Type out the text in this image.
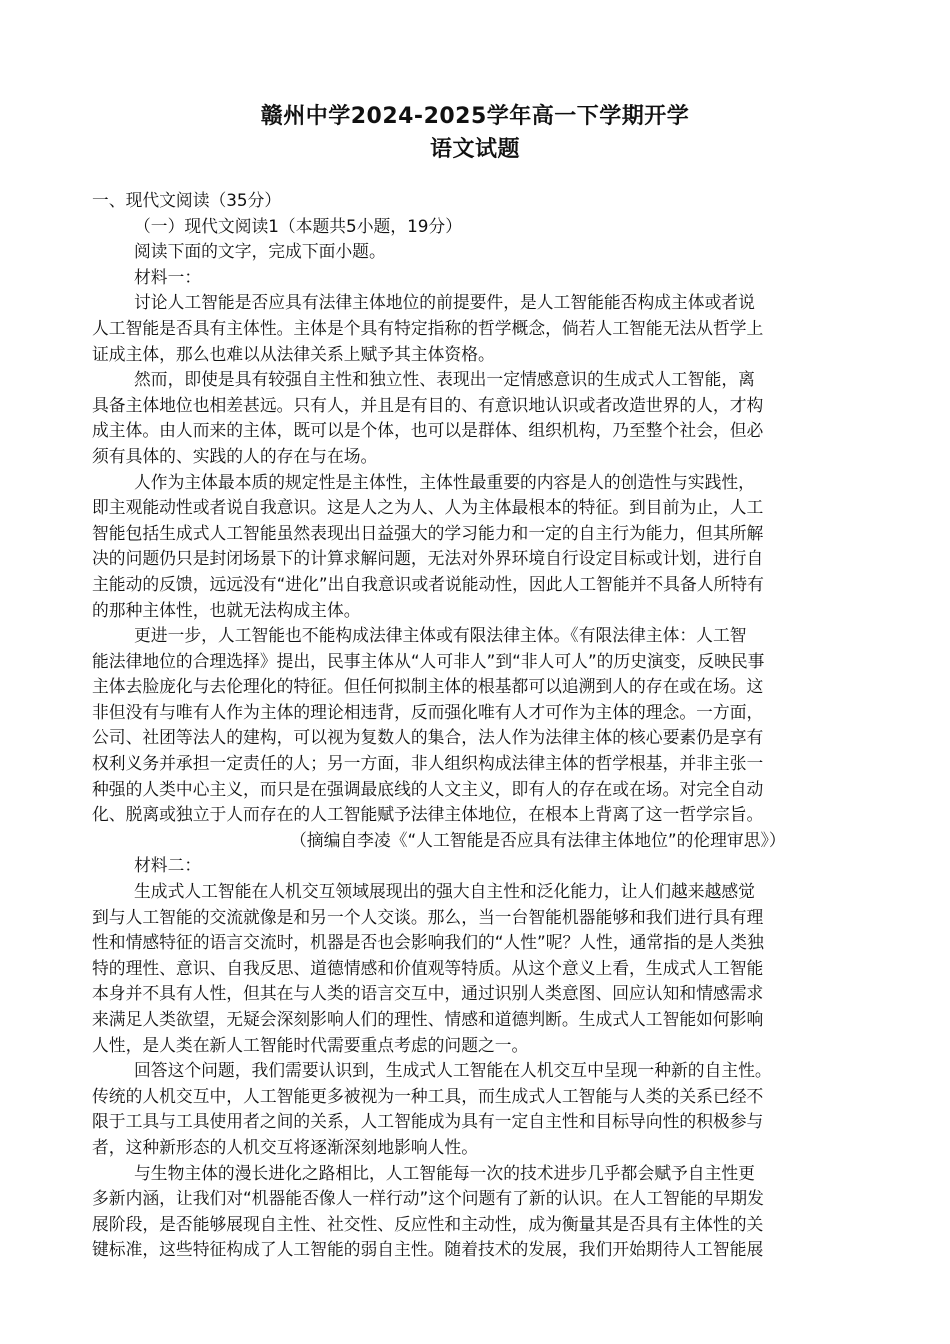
赣州中学2024-2025学年高一下学期开学
语文试题
一、现代文阅读（35分）
（一）现代文阅读1（本题共5小题，19分）
阅读下面的文字，完成下面小题。
材料一：
讨论人工智能是否应具有法律主体地位的前提要件，是人工智能能否构成主体或者说
人工智能是否具有主体性。主体是个具有特定指称的哲学概念，倘若人工智能无法从哲学上
证成主体，那么也难以从法律关系上赋予其主体资格。
然而，即使是具有较强自主性和独立性、表现出一定情感意识的生成式人工智能，离
具备主体地位也相差甚远。只有人，并且是有目的、有意识地认识或者改造世界的人，才构
成主体。由人而来的主体，既可以是个体，也可以是群体、组织机构，乃至整个社会，但必
须有具体的、实践的人的存在与在场。
人作为主体最本质的规定性是主体性，主体性最重要的内容是人的创造性与实践性，
即主观能动性或者说自我意识。这是人之为人、人为主体最根本的特征。到目前为止，人工
智能包括生成式人工智能虽然表现出日益强大的学习能力和一定的自主行为能力，但其所解
决的问题仍只是封闭场景下的计算求解问题，无法对外界环境自行设定目标或计划，进行自
主能动的反馈，远远没有“进化”出自我意识或者说能动性，因此人工智能并不具备人所特有
的那种主体性，也就无法构成主体。
更进一步，人工智能也不能构成法律主体或有限法律主体。《有限法律主体：人工智
能法律地位的合理选择》提出，民事主体从“人可非人”到“非人可人”的历史演变，反映民事
主体去脸庞化与去伦理化的特征。但任何拟制主体的根基都可以追溯到人的存在或在场。这
非但没有与唯有人作为主体的理论相违背，反而强化唯有人才可作为主体的理念。一方面，
公司、社团等法人的建构，可以视为复数人的集合，法人作为法律主体的核心要素仍是享有
权利义务并承担一定责任的人；另一方面，非人组织构成法律主体的哲学根基，并非主张一
种强的人类中心主义，而只是在强调最底线的人文主义，即有人的存在或在场。对完全自动
化、脱离或独立于人而存在的人工智能赋予法律主体地位，在根本上背离了这一哲学宗旨。
（摘编自李凌《“人工智能是否应具有法律主体地位”的伦理审思》）
材料二：
生成式人工智能在人机交互领域展现出的强大自主性和泛化能力，让人们越来越感觉
到与人工智能的交流就像是和另一个人交谈。那么，当一台智能机器能够和我们进行具有理
性和情感特征的语言交流时，机器是否也会影响我们的“人性”呢？人性，通常指的是人类独
特的理性、意识、自我反思、道德情感和价值观等特质。从这个意义上看，生成式人工智能
本身并不具有人性，但其在与人类的语言交互中，通过识别人类意图、回应认知和情感需求
来满足人类欲望，无疑会深刻影响人们的理性、情感和道德判断。生成式人工智能如何影响
人性，是人类在新人工智能时代需要重点考虑的问题之一。
回答这个问题，我们需要认识到，生成式人工智能在人机交互中呈现一种新的自主性。
传统的人机交互中，人工智能更多被视为一种工具，而生成式人工智能与人类的关系已经不
限于工具与工具使用者之间的关系，人工智能成为具有一定自主性和目标导向性的积极参与
者，这种新形态的人机交互将逐渐深刻地影响人性。
与生物主体的漫长进化之路相比，人工智能每一次的技术进步几乎都会赋予自主性更
多新内涵，让我们对“机器能否像人一样行动”这个问题有了新的认识。在人工智能的早期发
展阶段，是否能够展现自主性、社交性、反应性和主动性，成为衡量其是否具有主体性的关
键标准，这些特征构成了人工智能的弱自主性。随着技术的发展，我们开始期待人工智能展
